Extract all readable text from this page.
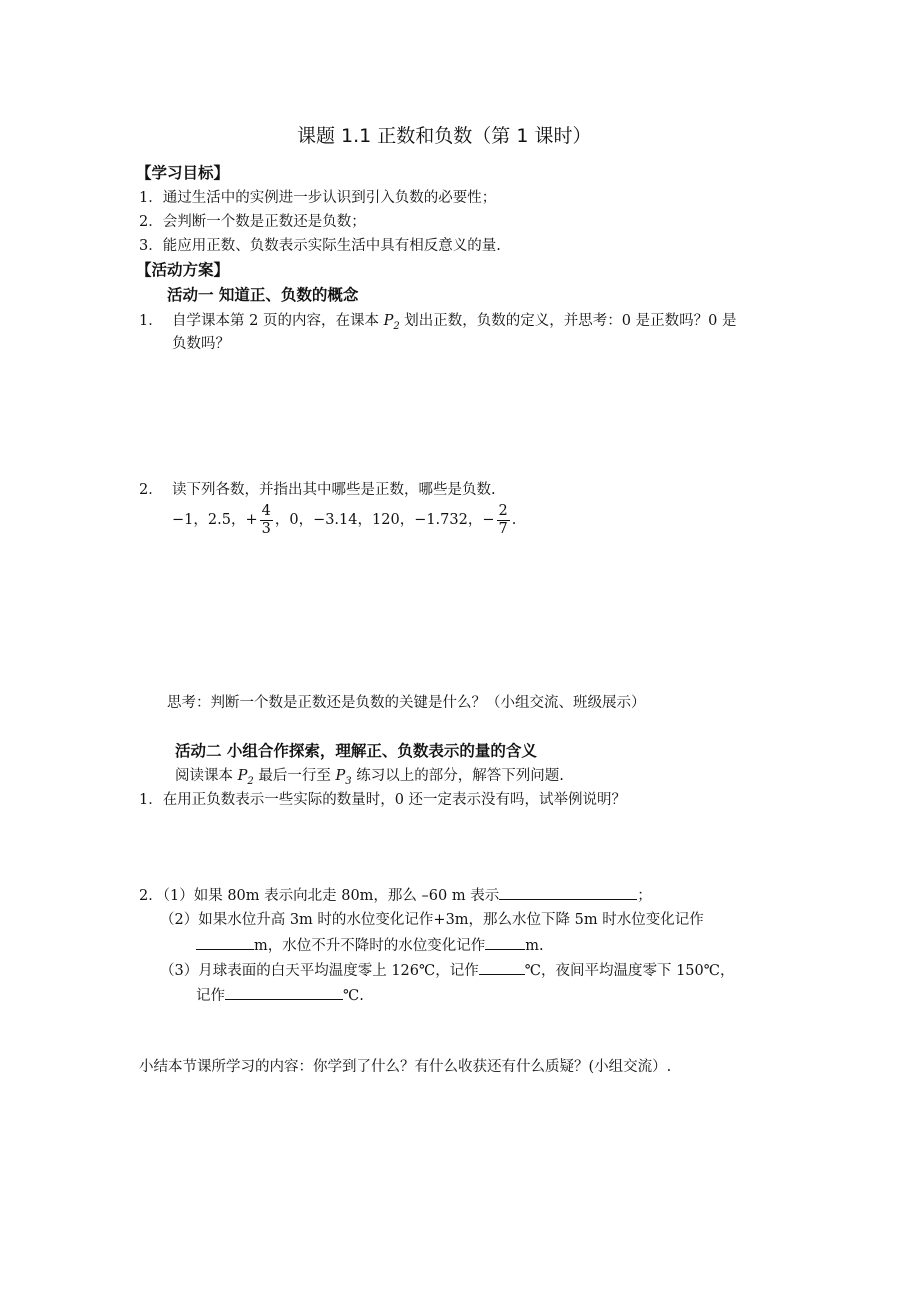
课题 1.1 正数和负数（第 1 课时）
【学习目标】
1．通过生活中的实例进一步认识到引入负数的必要性；
2．会判断一个数是正数还是负数；
3．能应用正数、负数表示实际生活中具有相反意义的量.
【活动方案】
活动一 知道正、负数的概念
1． 自学课本第 2 页的内容，在课本 $P_2$ 划出正数，负数的定义，并思考：0 是正数吗？0 是
负数吗？
2． 读下列各数，并指出其中哪些是正数，哪些是负数.
−1，2.5，+ $\frac{4}{3}$ ，0，−3.14，120，−1.732，− $\frac{2}{7}$ .
思考：判断一个数是正数还是负数的关键是什么？（小组交流、班级展示）
活动二 小组合作探索，理解正、负数表示的量的含义
阅读课本 $P_2$ 最后一行至 $P_3$ 练习以上的部分，解答下列问题.
1．在用正负数表示一些实际的数量时，0 还一定表示没有吗，试举例说明？
2．（1）如果 80m 表示向北走 80m，那么 –60 m 表示	；
（2）如果水位升高 3m 时的水位变化记作+3m，那么水位下降 5m 时水位变化记作
m，水位不升不降时的水位变化记作	m.
（3）月球表面的白天平均温度零上 126℃，记作	℃，夜间平均温度零下 150℃，
记作	℃.
小结本节课所学习的内容：你学到了什么？有什么收获还有什么质疑？(小组交流）.
